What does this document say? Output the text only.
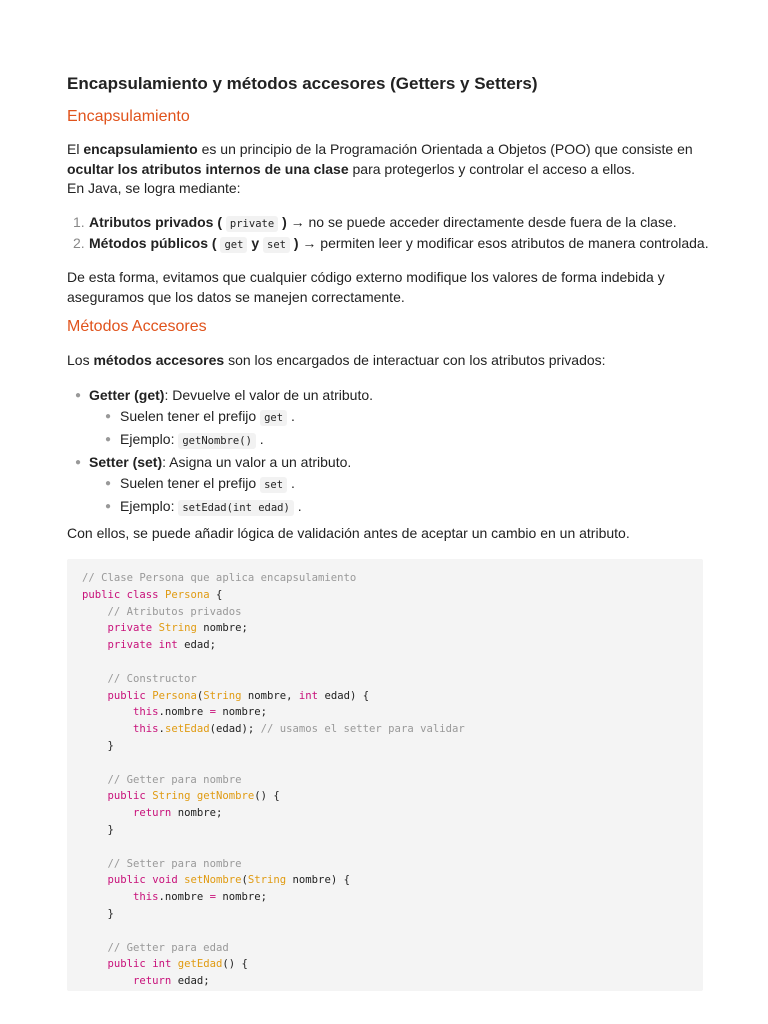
Encapsulamiento y métodos accesores (Getters y Setters)
Encapsulamiento

El encapsulamiento es un principio de la Programación Orientada a Objetos (POO) que consiste en ocultar los atributos internos de una clase para protegerlos y controlar el acceso a ellos.
En Java, se logra mediante:

1. Atributos privados ( private ) → no se puede acceder directamente desde fuera de la clase.
2. Métodos públicos ( get y set ) → permiten leer y modificar esos atributos de manera controlada.

De esta forma, evitamos que cualquier código externo modifique los valores de forma indebida y aseguramos que los datos se manejen correctamente.

Métodos Accesores

Los métodos accesores son los encargados de interactuar con los atributos privados:

● Getter (get): Devuelve el valor de un atributo.
● Suelen tener el prefijo get .
● Ejemplo: getNombre() .
● Setter (set): Asigna un valor a un atributo.
● Suelen tener el prefijo set .
● Ejemplo: setEdad(int edad) .

Con ellos, se puede añadir lógica de validación antes de aceptar un cambio en un atributo.

// Clase Persona que aplica encapsulamiento
public class Persona {
// Atributos privados
private String nombre;
private int edad;

// Constructor
public Persona(String nombre, int edad) {
this.nombre = nombre;
this.setEdad(edad); // usamos el setter para validar
}

// Getter para nombre
public String getNombre() {
return nombre;
}

// Setter para nombre
public void setNombre(String nombre) {
this.nombre = nombre;
}

// Getter para edad
public int getEdad() {
return edad;
